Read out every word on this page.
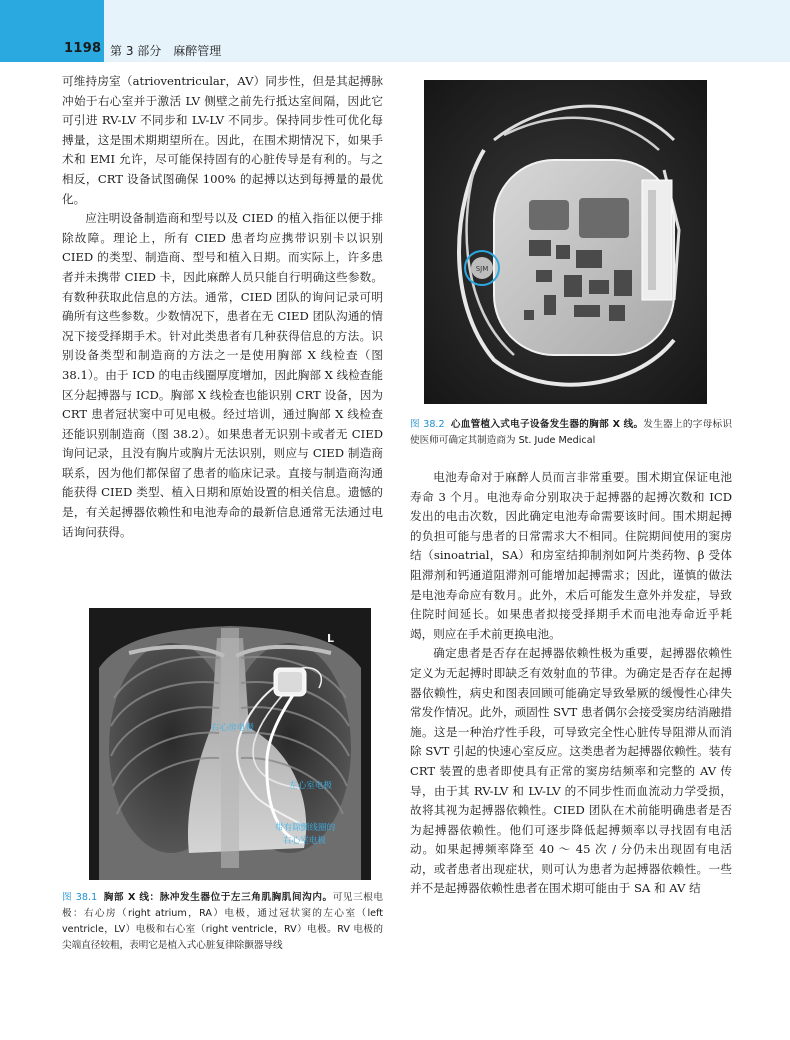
1198 第 3 部分　麻醉管理

可维持房室（atrioventricular，AV）同步性，但是其起搏脉冲始于右心室并于激活 LV 侧壁之前先行抵达室间隔，因此它可引进 RV-LV 不同步和 LV-LV 不同步。保持同步性可优化每搏量，这是围术期期望所在。因此，在围术期情况下，如果手术和 EMI 允许，尽可能保持固有的心脏传导是有利的。与之相反，CRT 设备试图确保 100% 的起搏以达到每搏量的最优化。

应注明设备制造商和型号以及 CIED 的植入指征以便于排除故障。理论上，所有 CIED 患者均应携带识别卡以识别 CIED 的类型、制造商、型号和植入日期。而实际上，许多患者并未携带 CIED 卡，因此麻醉人员只能自行明确这些参数。有数种获取此信息的方法。通常，CIED 团队的询问记录可明确所有这些参数。少数情况下，患者在无 CIED 团队沟通的情况下接受择期手术。针对此类患者有几种获得信息的方法。识别设备类型和制造商的方法之一是使用胸部 X 线检查（图 38.1）。由于 ICD 的电击线圈厚度增加，因此胸部 X 线检查能区分起搏器与 ICD。胸部 X 线检查也能识别 CRT 设备，因为 CRT 患者冠状窦中可见电极。经过培训，通过胸部 X 线检查还能识别制造商（图 38.2）。如果患者无识别卡或者无 CIED 询问记录，且没有胸片或胸片无法识别，则应与 CIED 制造商联系，因为他们都保留了患者的临床记录。直接与制造商沟通能获得 CIED 类型、植入日期和原始设置的相关信息。遗憾的是，有关起搏器依赖性和电池寿命的最新信息通常无法通过电话询问获得。

SJM
图 38.2 心血管植入式电子设备发生器的胸部 X 线。发生器上的字母标识使医师可确定其制造商为 St. Jude Medical

电池寿命对于麻醉人员而言非常重要。围术期宜保证电池寿命 3 个月。电池寿命分别取决于起搏器的起搏次数和 ICD 发出的电击次数，因此确定电池寿命需要该时间。围术期起搏的负担可能与患者的日常需求大不相同。住院期间使用的窦房结（sinoatrial，SA）和房室结抑制剂如阿片类药物、β 受体阻滞剂和钙通道阻滞剂可能增加起搏需求；因此，谨慎的做法是电池寿命应有数月。此外，术后可能发生意外并发症，导致住院时间延长。如果患者拟接受择期手术而电池寿命近乎耗竭，则应在手术前更换电池。

确定患者是否存在起搏器依赖性极为重要，起搏器依赖性定义为无起搏时即缺乏有效射血的节律。为确定是否存在起搏器依赖性，病史和图表回顾可能确定导致晕厥的缓慢性心律失常发作情况。此外，顽固性 SVT 患者偶尔会接受窦房结消融措施。这是一种治疗性手段，可导致完全性心脏传导阻滞从而消除 SVT 引起的快速心室反应。这类患者为起搏器依赖性。装有 CRT 装置的患者即使具有正常的窦房结频率和完整的 AV 传导，由于其 RV-LV 和 LV-LV 的不同步性而血流动力学受损，故将其视为起搏器依赖性。CIED 团队在术前能明确患者是否为起搏器依赖性。他们可逐步降低起搏频率以寻找固有电活动。如果起搏频率降至 40 ～ 45 次 / 分仍未出现固有电活动，或者患者出现症状，则可认为患者为起搏器依赖性。一些并不是起搏器依赖性患者在围术期可能由于 SA 和 AV 结

L
右心房电极
左心室电极
带有除颤线圈的
右心室电极
图 38.1 胸部 X 线：脉冲发生器位于左三角肌胸肌间沟内。可见三根电极：右心房（right atrium，RA）电极，通过冠状窦的左心室（left ventricle，LV）电极和右心室（right ventricle，RV）电极。RV 电极的尖端直径较粗，表明它是植入式心脏复律除颤器导线
